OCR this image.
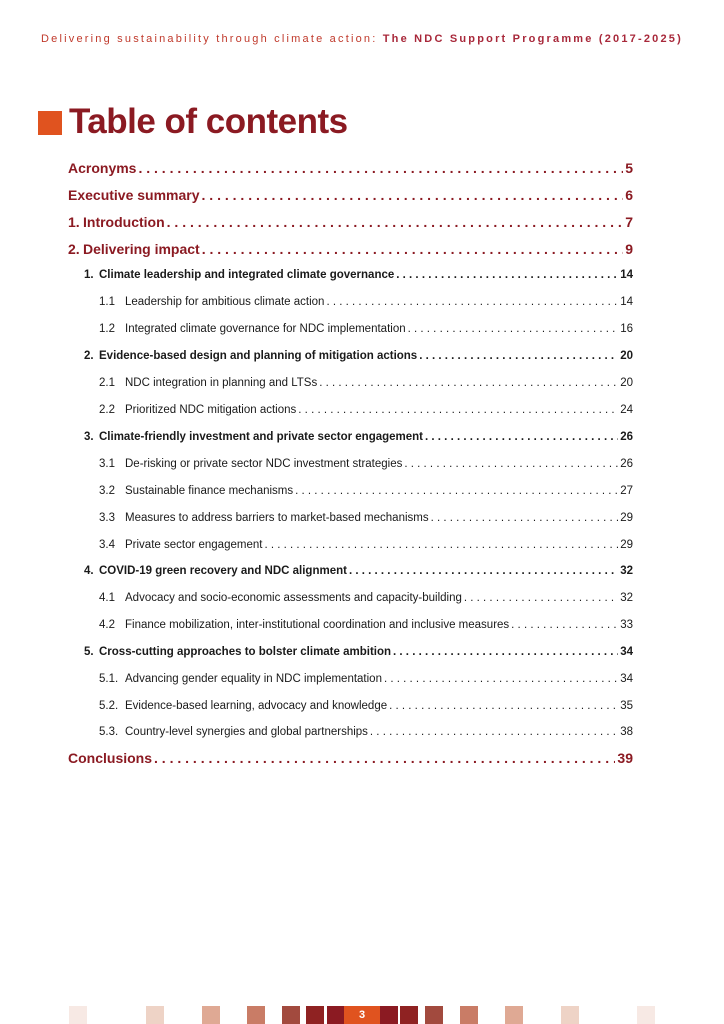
Delivering sustainability through climate action: The NDC Support Programme (2017-2025)
Table of contents
Acronyms . . .	5
Executive summary . . .	6
1. Introduction . . .	7
2. Delivering impact . . .	9
1. Climate leadership and integrated climate governance . . .	14
1.1 Leadership for ambitious climate action . . .	14
1.2 Integrated climate governance for NDC implementation . . .	16
2. Evidence-based design and planning of mitigation actions . . .	20
2.1 NDC integration in planning and LTSs . . .	20
2.2 Prioritized NDC mitigation actions . . .	24
3. Climate-friendly investment and private sector engagement . . .	26
3.1 De-risking or private sector NDC investment strategies . . .	26
3.2 Sustainable finance mechanisms . . .	27
3.3 Measures to address barriers to market-based mechanisms . . .	29
3.4 Private sector engagement . . .	29
4. COVID-19 green recovery and NDC alignment . . .	32
4.1 Advocacy and socio-economic assessments and capacity-building . . .	32
4.2 Finance mobilization, inter-institutional coordination and inclusive measures . . .	33
5. Cross-cutting approaches to bolster climate ambition . . .	34
5.1. Advancing gender equality in NDC implementation . . .	34
5.2. Evidence-based learning, advocacy and knowledge . . .	35
5.3. Country-level synergies and global partnerships . . .	38
Conclusions . . .	39
3
